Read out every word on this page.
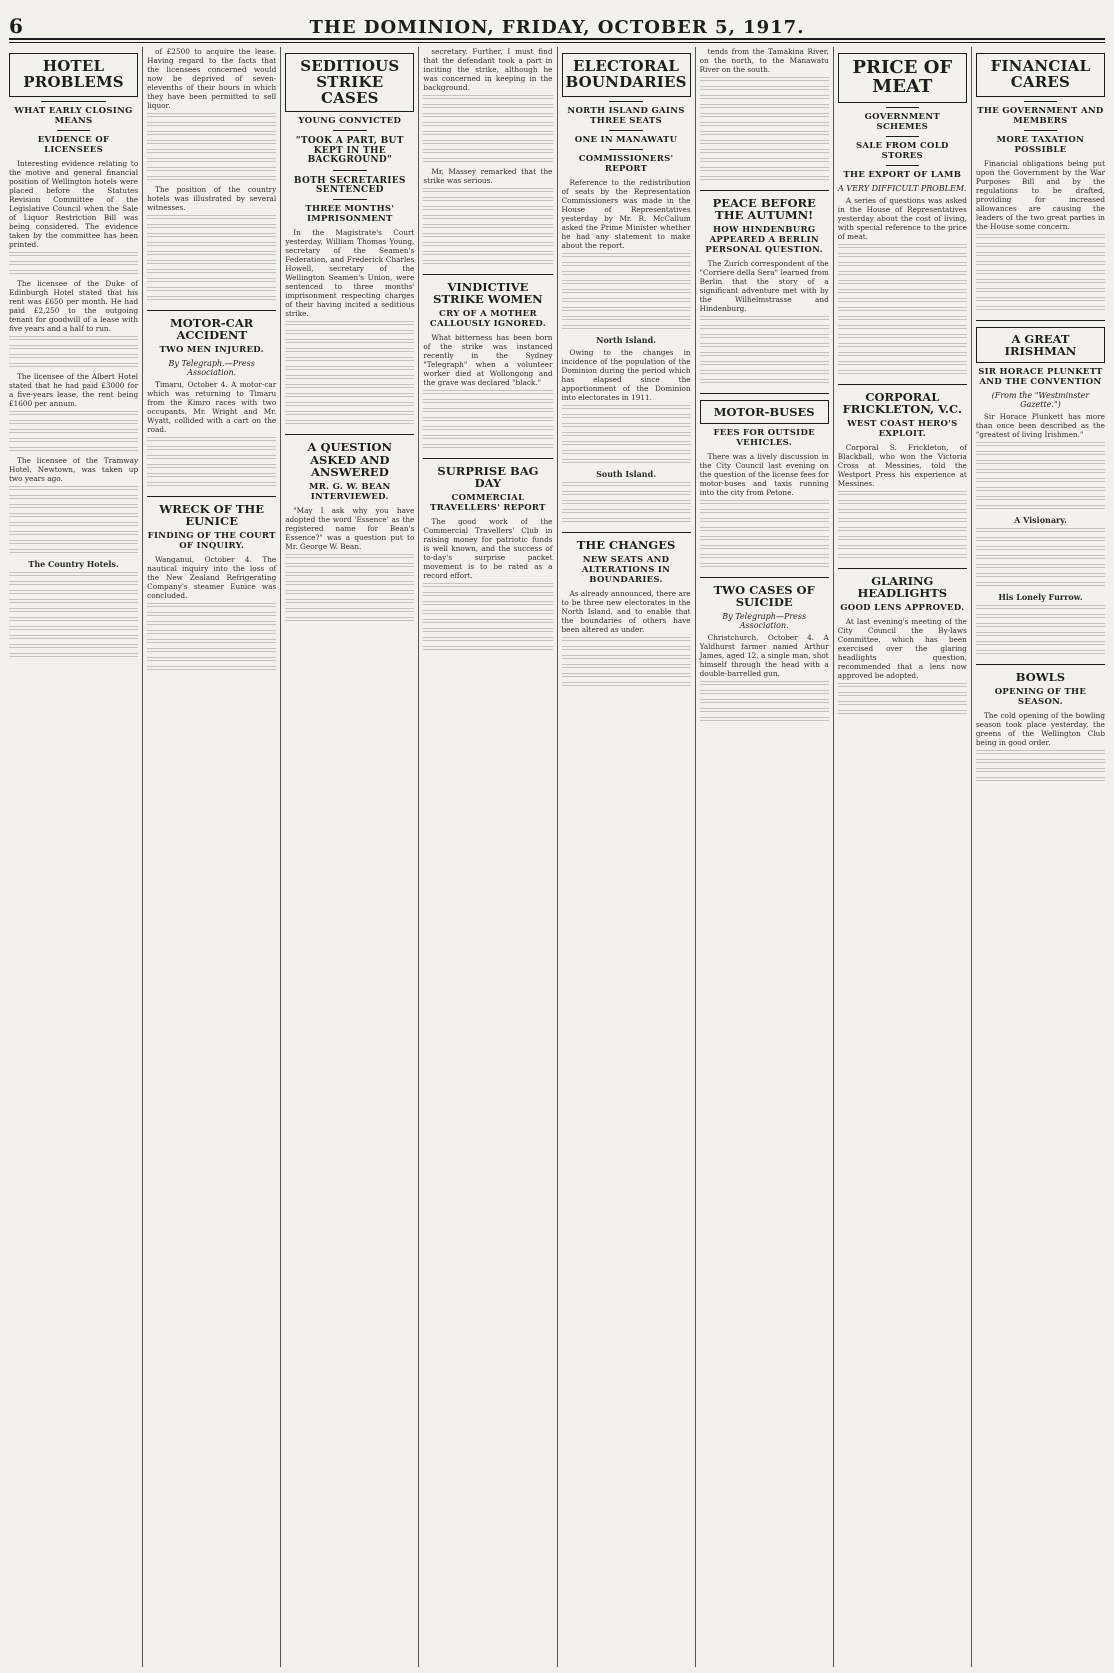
6	THE DOMINION, FRIDAY, OCTOBER 5, 1917.
HOTEL PROBLEMS
WHAT EARLY CLOSING MEANS
EVIDENCE OF LICENSEES

Interesting evidence relating to the motive and general financial position of Wellington hotels were placed before the Statutes Revision Committee of the Legislative Council when the Sale of Liquor Restriction Bill was being considered. The evidence taken by the committee has been printed.

The licensee of the Duke of Edinburgh Hotel stated that his rent was £650 per month. He had paid £2,250 to the outgoing tenant for goodwill of a lease with five years and a half to run.

The licensee of the Albert Hotel stated that he had paid £3000 for a five-years lease, the rent being £1600 per annum.

The licensee of the Tramway Hotel, Newtown, was taken up two years ago.

The Country Hotels.

of £2500 to acquire the lease. Having regard to the facts that the licensees concerned would now be deprived of seven-elevenths of their hours in which they have been permitted to sell liquor.

The position of the country hotels was illustrated by several witnesses.

MOTOR-CAR ACCIDENT
TWO MEN INJURED.
By Telegraph.—Press Association.

Timaru, October 4. A motor-car which was returning to Timaru from the Kimro races with two occupants, Mr. Wright and Mr. Wyatt, collided with a cart on the road.

WRECK OF THE EUNICE
FINDING OF THE COURT OF INQUIRY.

Wanganui, October 4. The nautical inquiry into the loss of the New Zealand Refrigerating Company's steamer Eunice was concluded.

SEDITIOUS STRIKE CASES
YOUNG CONVICTED
"TOOK A PART, BUT KEPT IN THE BACKGROUND"
BOTH SECRETARIES SENTENCED
THREE MONTHS' IMPRISONMENT

In the Magistrate's Court yesterday, William Thomas Young, secretary of the Seamen's Federation, and Frederick Charles Howell, secretary of the Wellington Seamen's Union, were sentenced to three months' imprisonment respecting charges of their having incited a seditious strike.

A QUESTION ASKED AND ANSWERED
MR. G. W. BEAN INTERVIEWED.

"May I ask why you have adopted the word 'Essence' as the registered name for Bean's Essence?" was a question put to Mr. George W. Bean.

secretary. Further, I must find that the defendant took a part in inciting the strike, although he was concerned in keeping in the background.

Mr. Massey remarked that the strike was serious.

VINDICTIVE STRIKE WOMEN
CRY OF A MOTHER CALLOUSLY IGNORED.

What bitterness has been born of the strike was instanced recently in the Sydney "Telegraph" when a volunteer worker died at Wollongong and the grave was declared "black."

SURPRISE BAG DAY
COMMERCIAL TRAVELLERS' REPORT

The good work of the Commercial Travellers' Club in raising money for patriotic funds is well known, and the success of to-day's surprise packet movement is to be rated as a record effort.

ELECTORAL BOUNDARIES
NORTH ISLAND GAINS THREE SEATS
ONE IN MANAWATU
COMMISSIONERS' REPORT

Reference to the redistribution of seats by the Representation Commissioners was made in the House of Representatives yesterday by Mr. R. McCallum asked the Prime Minister whether he had any statement to make about the report.

North Island.

Owing to the changes in incidence of the population of the Dominion during the period which has elapsed since the apportionment of the Dominion into electorates in 1911.

South Island.
THE CHANGES
NEW SEATS AND ALTERATIONS IN BOUNDARIES.

As already announced, there are to be three new electorates in the North Island, and to enable that the boundaries of others have been altered as under.

tends from the Tamakina River, on the north, to the Manawatu River on the south.

PEACE BEFORE THE AUTUMN!
HOW HINDENBURG APPEARED A BERLIN PERSONAL QUESTION.

The Zurich correspondent of the "Corriere della Sera" learned from Berlin that the story of a significant adventure met with by the Wilhelmstrasse and Hindenburg.

MOTOR-BUSES
FEES FOR OUTSIDE VEHICLES.

There was a lively discussion in the City Council last evening on the question of the license fees for motor-buses and taxis running into the city from Petone.

TWO CASES OF SUICIDE
By Telegraph—Press Association.

Christchurch, October 4. A Yaldhurst farmer named Arthur James, aged 12, a single man, shot himself through the head with a double-barrelled gun.

PRICE OF MEAT
GOVERNMENT SCHEMES
SALE FROM COLD STORES
THE EXPORT OF LAMB
A VERY DIFFICULT PROBLEM.

A series of questions was asked in the House of Representatives yesterday about the cost of living, with special reference to the price of meat.

CORPORAL FRICKLETON, V.C.
WEST COAST HERO'S EXPLOIT.

Corporal S. Frickleton, of Blackball, who won the Victoria Cross at Messines, told the Westport Press his experience at Messines.

GLARING HEADLIGHTS
GOOD LENS APPROVED.

At last evening's meeting of the City Council the By-laws Committee, which has been exercised over the glaring headlights question, recommended that a lens now approved be adopted.

FINANCIAL CARES
THE GOVERNMENT AND MEMBERS
MORE TAXATION POSSIBLE

Financial obligations being put upon the Government by the War Purposes Bill and by the regulations to be drafted, providing for increased allowances are causing the leaders of the two great parties in the House some concern.

A GREAT IRISHMAN
SIR HORACE PLUNKETT AND THE CONVENTION
(From the "Westminster Gazette.")

Sir Horace Plunkett has more than once been described as the "greatest of living Irishmen."

A Visionary.
His Lonely Furrow.
BOWLS
OPENING OF THE SEASON.

The cold opening of the bowling season took place yesterday, the greens of the Wellington Club being in good order.
